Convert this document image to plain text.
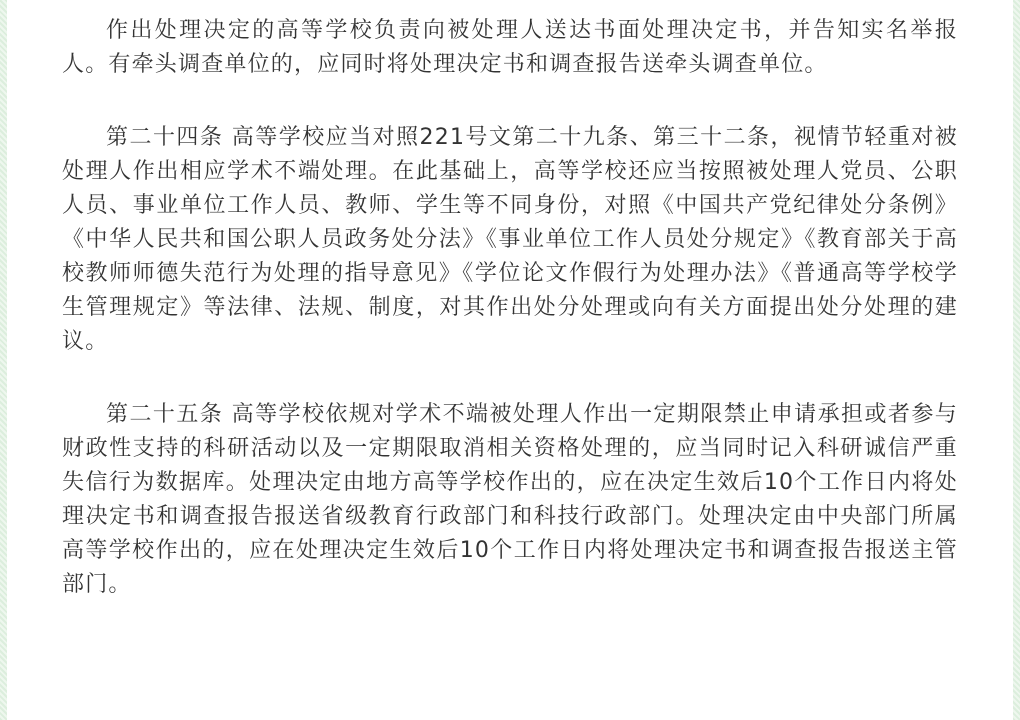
作出处理决定的高等学校负责向被处理人送达书面处理决定书，并告知实名举报人。有牵头调查单位的，应同时将处理决定书和调查报告送牵头调查单位。

第二十四条 高等学校应当对照221号文第二十九条、第三十二条，视情节轻重对被处理人作出相应学术不端处理。在此基础上，高等学校还应当按照被处理人党员、公职人员、事业单位工作人员、教师、学生等不同身份，对照《中国共产党纪律处分条例》《中华人民共和国公职人员政务处分法》《事业单位工作人员处分规定》《教育部关于高校教师师德失范行为处理的指导意见》《学位论文作假行为处理办法》《普通高等学校学生管理规定》等法律、法规、制度，对其作出处分处理或向有关方面提出处分处理的建议。

第二十五条 高等学校依规对学术不端被处理人作出一定期限禁止申请承担或者参与财政性支持的科研活动以及一定期限取消相关资格处理的，应当同时记入科研诚信严重失信行为数据库。处理决定由地方高等学校作出的，应在决定生效后10个工作日内将处理决定书和调查报告报送省级教育行政部门和科技行政部门。处理决定由中央部门所属高等学校作出的，应在处理决定生效后10个工作日内将处理决定书和调查报告报送主管部门。
